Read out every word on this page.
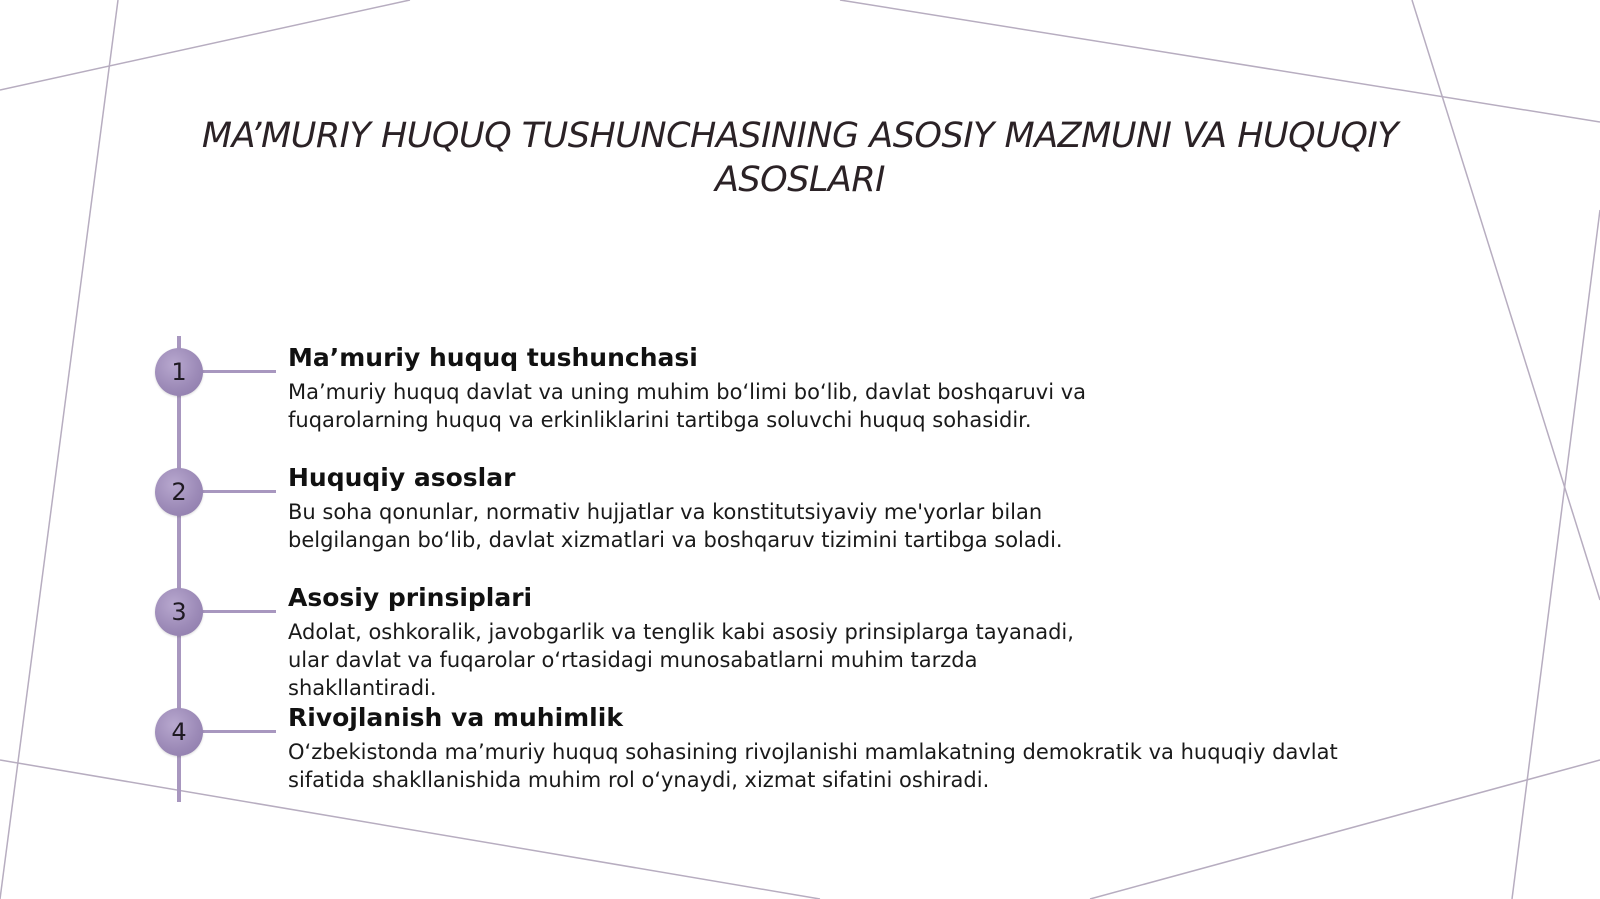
MA’MURIY HUQUQ TUSHUNCHASINING ASOSIY MAZMUNI VA HUQUQIY ASOSLARI
1	Ma’muriy huquq tushunchasi
Ma’muriy huquq davlat va uning muhim bo‘limi bo‘lib, davlat boshqaruvi va fuqarolarning huquq va erkinliklarini tartibga soluvchi huquq sohasidir.
2	Huquqiy asoslar
Bu soha qonunlar, normativ hujjatlar va konstitutsiyaviy me'yorlar bilan belgilangan bo‘lib, davlat xizmatlari va boshqaruv tizimini tartibga soladi.
3	Asosiy prinsiplari
Adolat, oshkoralik, javobgarlik va tenglik kabi asosiy prinsiplarga tayanadi, ular davlat va fuqarolar o‘rtasidagi munosabatlarni muhim tarzda shakllantiradi.
4	Rivojlanish va muhimlik
O‘zbekistonda ma’muriy huquq sohasining rivojlanishi mamlakatning demokratik va huquqiy davlat sifatida shakllanishida muhim rol o‘ynaydi, xizmat sifatini oshiradi.
